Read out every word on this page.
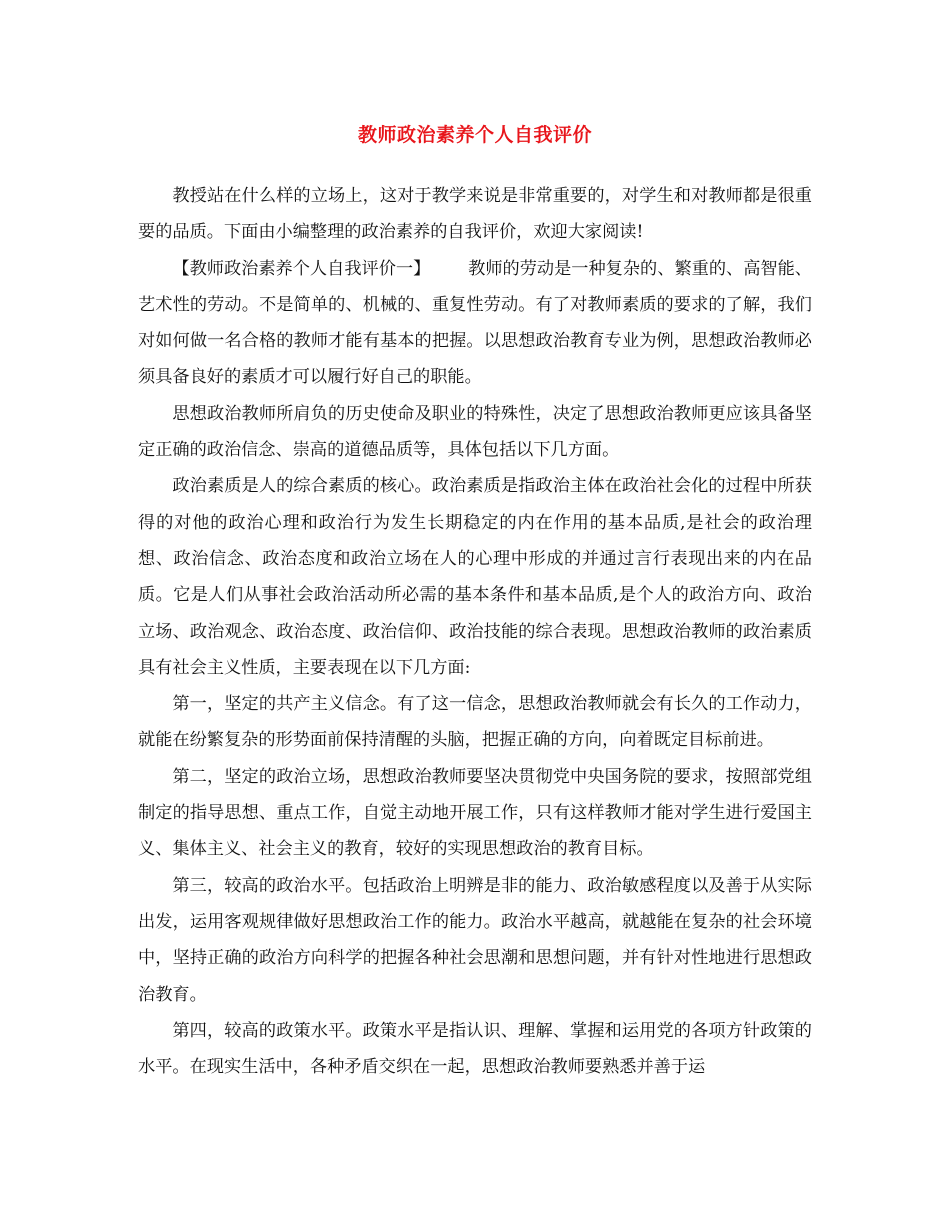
教师政治素养个人自我评价

教授站在什么样的立场上，这对于教学来说是非常重要的，对学生和对教师都是很重要的品质。下面由小编整理的政治素养的自我评价，欢迎大家阅读!

【教师政治素养个人自我评价一】 教师的劳动是一种复杂的、繁重的、高智能、艺术性的劳动。不是简单的、机械的、重复性劳动。有了对教师素质的要求的了解，我们对如何做一名合格的教师才能有基本的把握。以思想政治教育专业为例，思想政治教师必须具备良好的素质才可以履行好自己的职能。

思想政治教师所肩负的历史使命及职业的特殊性，决定了思想政治教师更应该具备坚定正确的政治信念、崇高的道德品质等，具体包括以下几方面。

政治素质是人的综合素质的核心。政治素质是指政治主体在政治社会化的过程中所获得的对他的政治心理和政治行为发生长期稳定的内在作用的基本品质,是社会的政治理想、政治信念、政治态度和政治立场在人的心理中形成的并通过言行表现出来的内在品质。它是人们从事社会政治活动所必需的基本条件和基本品质,是个人的政治方向、政治立场、政治观念、政治态度、政治信仰、政治技能的综合表现。思想政治教师的政治素质具有社会主义性质，主要表现在以下几方面:

第一，坚定的共产主义信念。有了这一信念，思想政治教师就会有长久的工作动力，就能在纷繁复杂的形势面前保持清醒的头脑，把握正确的方向，向着既定目标前进。

第二，坚定的政治立场，思想政治教师要坚决贯彻党中央国务院的要求，按照部党组制定的指导思想、重点工作，自觉主动地开展工作，只有这样教师才能对学生进行爱国主义、集体主义、社会主义的教育，较好的实现思想政治的教育目标。

第三，较高的政治水平。包括政治上明辨是非的能力、政治敏感程度以及善于从实际出发，运用客观规律做好思想政治工作的能力。政治水平越高，就越能在复杂的社会环境中，坚持正确的政治方向科学的把握各种社会思潮和思想问题，并有针对性地进行思想政治教育。

第四，较高的政策水平。政策水平是指认识、理解、掌握和运用党的各项方针政策的水平。在现实生活中，各种矛盾交织在一起，思想政治教师要熟悉并善于运
